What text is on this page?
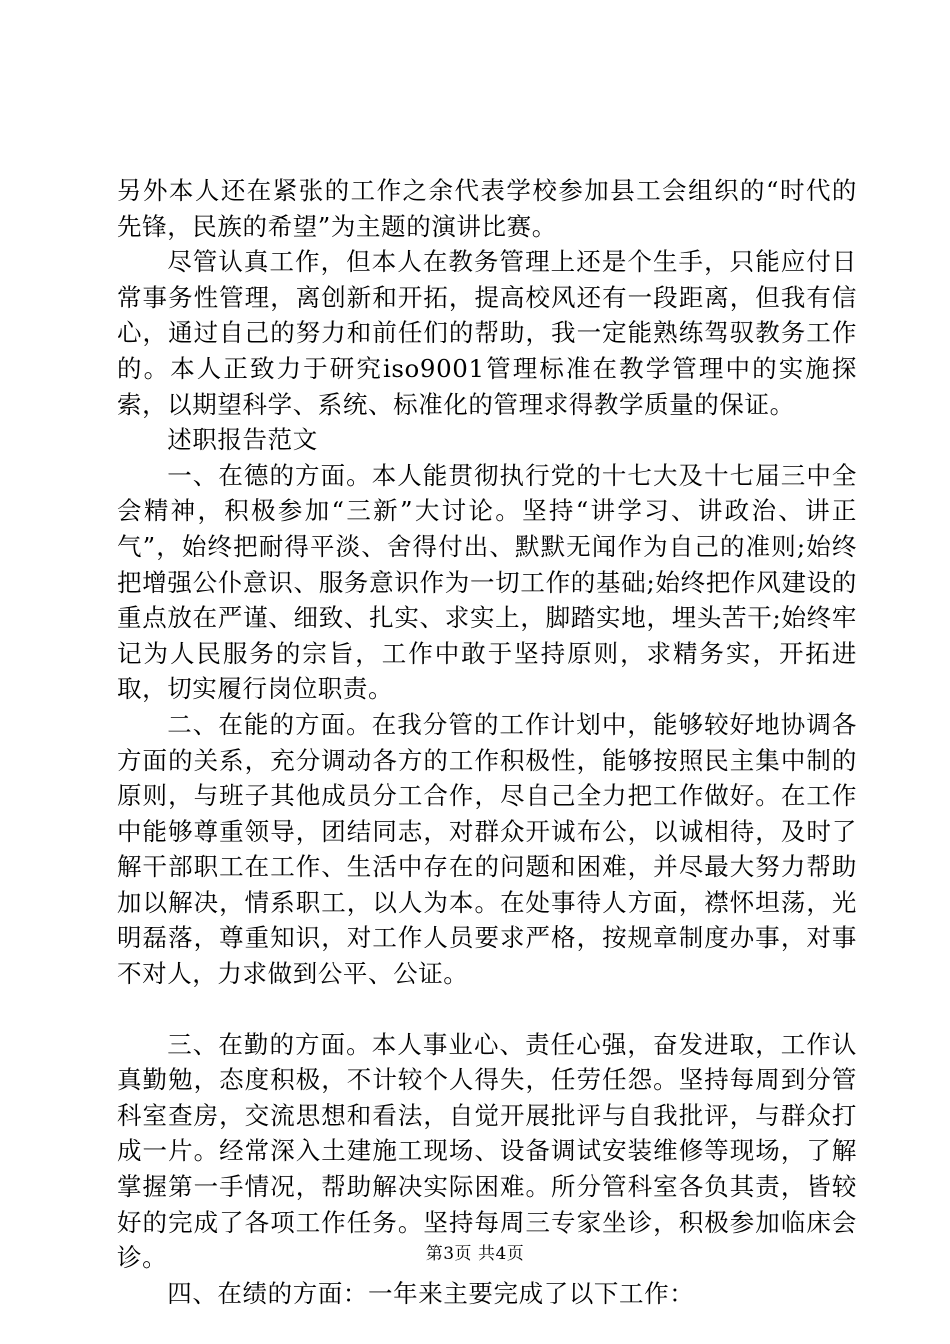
另外本人还在紧张的工作之余代表学校参加县工会组织的“时代的先锋，民族的希望”为主题的演讲比赛。

尽管认真工作，但本人在教务管理上还是个生手，只能应付日常事务性管理，离创新和开拓，提高校风还有一段距离，但我有信心，通过自己的努力和前任们的帮助，我一定能熟练驾驭教务工作的。本人正致力于研究iso9001管理标准在教学管理中的实施探索，以期望科学、系统、标准化的管理求得教学质量的保证。

述职报告范文

一、在德的方面。本人能贯彻执行党的十七大及十七届三中全会精神，积极参加“三新”大讨论。坚持“讲学习、讲政治、讲正气”，始终把耐得平淡、舍得付出、默默无闻作为自己的准则;始终把增强公仆意识、服务意识作为一切工作的基础;始终把作风建设的重点放在严谨、细致、扎实、求实上，脚踏实地，埋头苦干;始终牢记为人民服务的宗旨，工作中敢于坚持原则，求精务实，开拓进取，切实履行岗位职责。

二、在能的方面。在我分管的工作计划中，能够较好地协调各方面的关系，充分调动各方的工作积极性，能够按照民主集中制的原则，与班子其他成员分工合作，尽自己全力把工作做好。在工作中能够尊重领导，团结同志，对群众开诚布公，以诚相待，及时了解干部职工在工作、生活中存在的问题和困难，并尽最大努力帮助加以解决，情系职工，以人为本。在处事待人方面，襟怀坦荡，光明磊落，尊重知识，对工作人员要求严格，按规章制度办事，对事不对人，力求做到公平、公证。

三、在勤的方面。本人事业心、责任心强，奋发进取，工作认真勤勉，态度积极，不计较个人得失，任劳任怨。坚持每周到分管科室查房，交流思想和看法，自觉开展批评与自我批评，与群众打成一片。经常深入土建施工现场、设备调试安装维修等现场，了解掌握第一手情况，帮助解决实际困难。所分管科室各负其责，皆较好的完成了各项工作任务。坚持每周三专家坐诊，积极参加临床会诊。

四、在绩的方面：一年来主要完成了以下工作：

第3页 共4页
